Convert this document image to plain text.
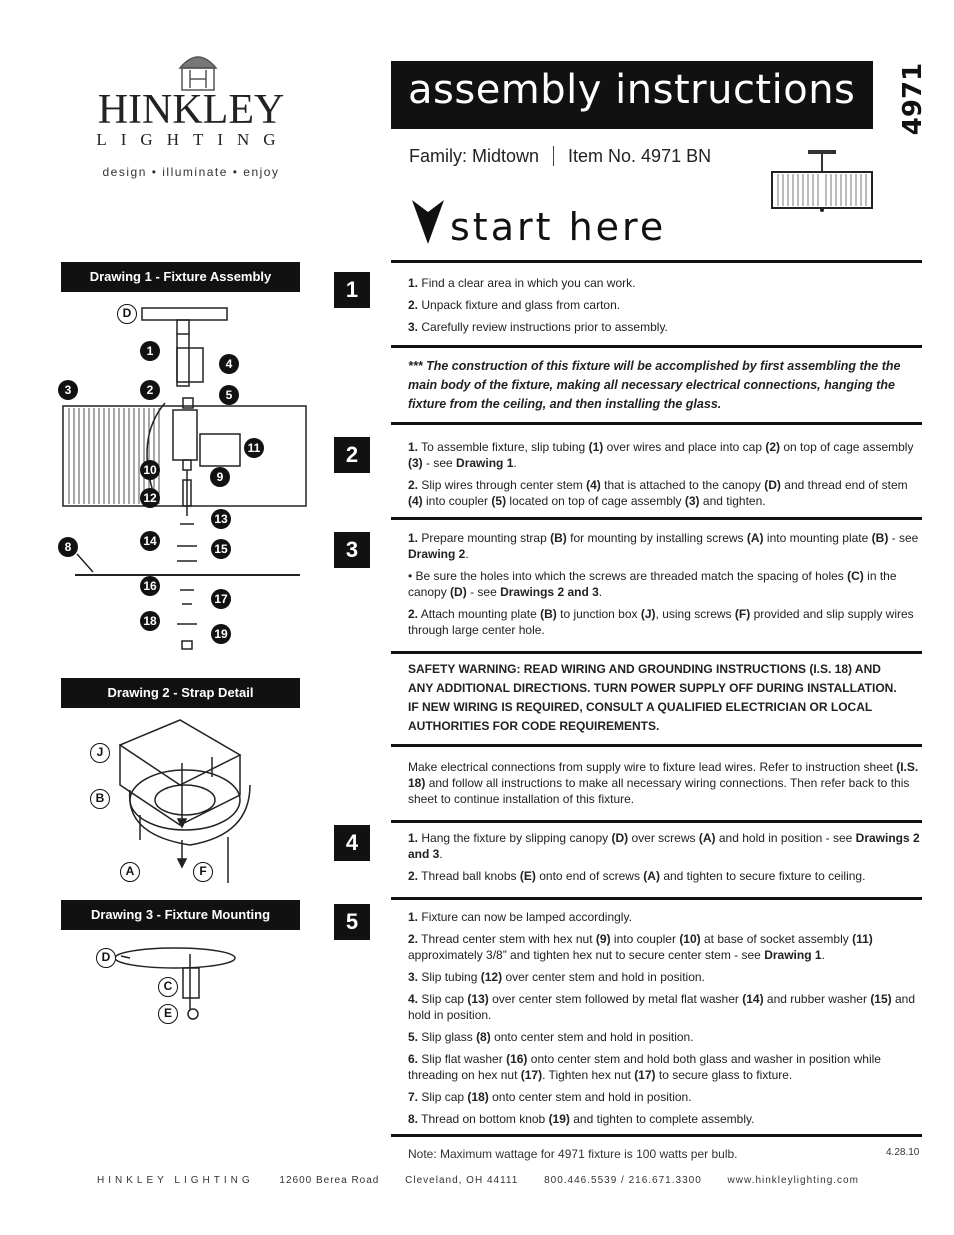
HINKLEY
LIGHTING
design • illuminate • enjoy
assembly instructions 4971
Family: Midtown Item No. 4971 BN
start here
Drawing 1 - Fixture Assembly
Drawing 2 - Strap Detail
Drawing 3 - Fixture Mounting
D
1
4
3	2	5
11
10	9
12
13
8	14
15
16
17
18
19
J
B
A	F
D
C
E
1
2
3
4
5

1. Find a clear area in which you can work.

2. Unpack fixture and glass from carton.

3. Carefully review instructions prior to assembly.

*** The construction of this fixture will be accomplished by first assembling the the main body of the fixture, making all necessary electrical connections, hanging the fixture from the ceiling, and then installing the glass.

1. To assemble fixture, slip tubing (1) over wires and place into cap (2) on top of cage assembly (3) - see Drawing 1.

2. Slip wires through center stem (4) that is attached to the canopy (D) and thread end of stem (4) into coupler (5) located on top of cage assembly (3) and tighten.

1. Prepare mounting strap (B) for mounting by installing screws (A) into mounting plate (B) - see Drawing 2.

• Be sure the holes into which the screws are threaded match the spacing of holes (C) in the canopy (D) - see Drawings 2 and 3.

2. Attach mounting plate (B) to junction box (J), using screws (F) provided and slip supply wires through large center hole.

SAFETY WARNING: READ WIRING AND GROUNDING INSTRUCTIONS (I.S. 18) AND ANY ADDITIONAL DIRECTIONS. TURN POWER SUPPLY OFF DURING INSTALLATION. IF NEW WIRING IS REQUIRED, CONSULT A QUALIFIED ELECTRICIAN OR LOCAL AUTHORITIES FOR CODE REQUIREMENTS.
Make electrical connections from supply wire to fixture lead wires. Refer to instruction sheet (I.S. 18) and follow all instructions to make all necessary wiring connections. Then refer back to this sheet to continue installation of this fixture.

1. Hang the fixture by slipping canopy (D) over screws (A) and hold in position - see Drawings 2 and 3.

2. Thread ball knobs (E) onto end of screws (A) and tighten to secure fixture to ceiling.

1. Fixture can now be lamped accordingly.

2. Thread center stem with hex nut (9) into coupler (10) at base of socket assembly (11) approximately 3/8” and tighten hex nut to secure center stem - see Drawing 1.

3. Slip tubing (12) over center stem and hold in position.

4. Slip cap (13) over center stem followed by metal flat washer (14) and rubber washer (15) and hold in position.

5. Slip glass (8) onto center stem and hold in position.

6. Slip flat washer (16) onto center stem and hold both glass and washer in position while threading on hex nut (17). Tighten hex nut (17) to secure glass to fixture.

7. Slip cap (18) onto center stem and hold in position.

8. Thread on bottom knob (19) and tighten to complete assembly.

Note: Maximum wattage for 4971 fixture is 100 watts per bulb.	4.28.10
HINKLEY LIGHTING	12600 Berea Road	Cleveland, OH 44111	800.446.5539 / 216.671.3300	www.hinkleylighting.com
